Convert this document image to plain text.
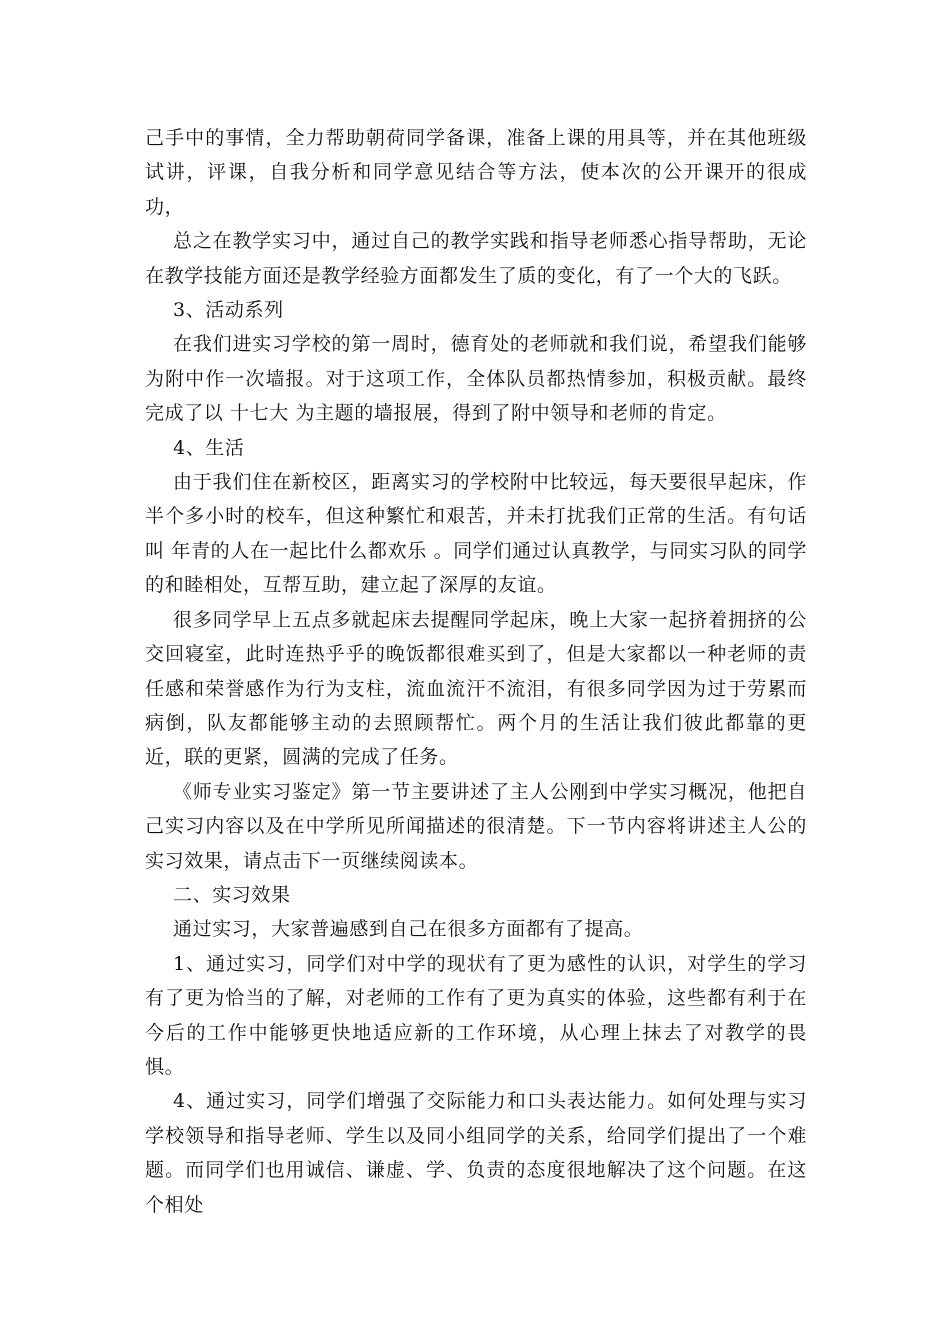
己手中的事情，全力帮助朝荷同学备课，准备上课的用具等，并在其他班级试讲，评课，自我分析和同学意见结合等方法，使本次的公开课开的很成功，

总之在教学实习中，通过自己的教学实践和指导老师悉心指导帮助，无论在教学技能方面还是教学经验方面都发生了质的变化，有了一个大的飞跃。

3、活动系列

在我们进实习学校的第一周时，德育处的老师就和我们说，希望我们能够为附中作一次墙报。对于这项工作，全体队员都热情参加，积极贡献。最终完成了以 十七大 为主题的墙报展，得到了附中领导和老师的肯定。

4、生活

由于我们住在新校区，距离实习的学校附中比较远，每天要很早起床，作半个多小时的校车，但这种繁忙和艰苦，并未打扰我们正常的生活。有句话叫 年青的人在一起比什么都欢乐 。同学们通过认真教学，与同实习队的同学的和睦相处，互帮互助，建立起了深厚的友谊。

很多同学早上五点多就起床去提醒同学起床，晚上大家一起挤着拥挤的公交回寝室，此时连热乎乎的晚饭都很难买到了，但是大家都以一种老师的责任感和荣誉感作为行为支柱，流血流汗不流泪，有很多同学因为过于劳累而病倒，队友都能够主动的去照顾帮忙。两个月的生活让我们彼此都靠的更近，联的更紧，圆满的完成了任务。

《师专业实习鉴定》第一节主要讲述了主人公刚到中学实习概况，他把自己实习内容以及在中学所见所闻描述的很清楚。下一节内容将讲述主人公的实习效果，请点击下一页继续阅读本。

二、实习效果

通过实习，大家普遍感到自己在很多方面都有了提高。

1、通过实习，同学们对中学的现状有了更为感性的认识，对学生的学习有了更为恰当的了解，对老师的工作有了更为真实的体验，这些都有利于在今后的工作中能够更快地适应新的工作环境，从心理上抹去了对教学的畏惧。

4、通过实习，同学们增强了交际能力和口头表达能力。如何处理与实习学校领导和指导老师、学生以及同小组同学的关系，给同学们提出了一个难题。而同学们也用诚信、谦虚、学、负责的态度很地解决了这个问题。在这个相处
